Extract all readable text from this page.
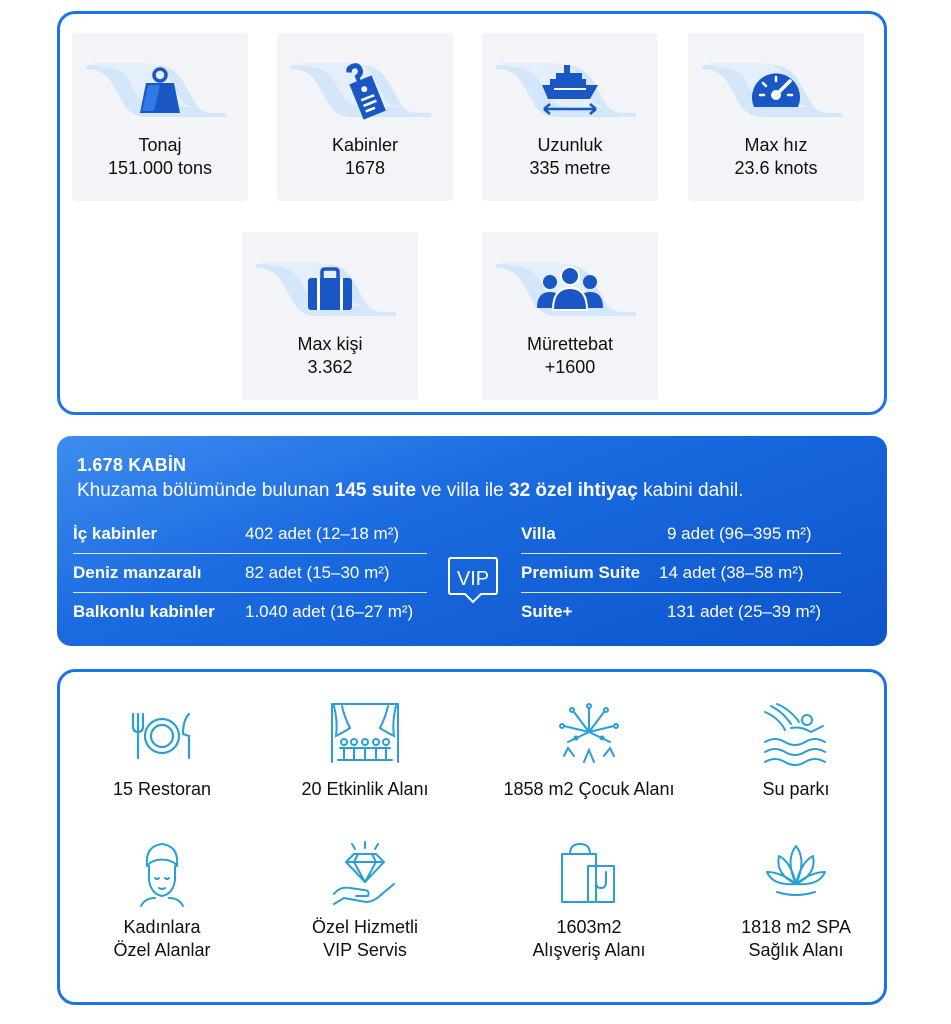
Tonaj
151.000 tons
Kabinler
1678
Uzunluk
335 metre
Max hız
23.6 knots
Max kişi
3.362
Mürettebat
+1600
1.678 KABİN
Khuzama bölümünde bulunan 145 suite ve villa ile 32 özel ihtiyaç kabini dahil.
İç kabinler	402 adet (12–18 m²)
Deniz manzaralı	82 adet (15–30 m²)
Balkonlu kabinler 1.040 adet (16–27 m²)
VIP
Villa	9 adet (96–395 m²)
Premium Suite 14 adet (38–58 m²)
Suite+	131 adet (25–39 m²)
15 Restoran	20 Etkinlik Alanı	1858 m2 Çocuk Alanı	Su parkı
Kadınlara
Özel Alanlar
Özel Hizmetli
VIP Servis
1603m2
Alışveriş Alanı
1818 m2 SPA
Sağlık Alanı
